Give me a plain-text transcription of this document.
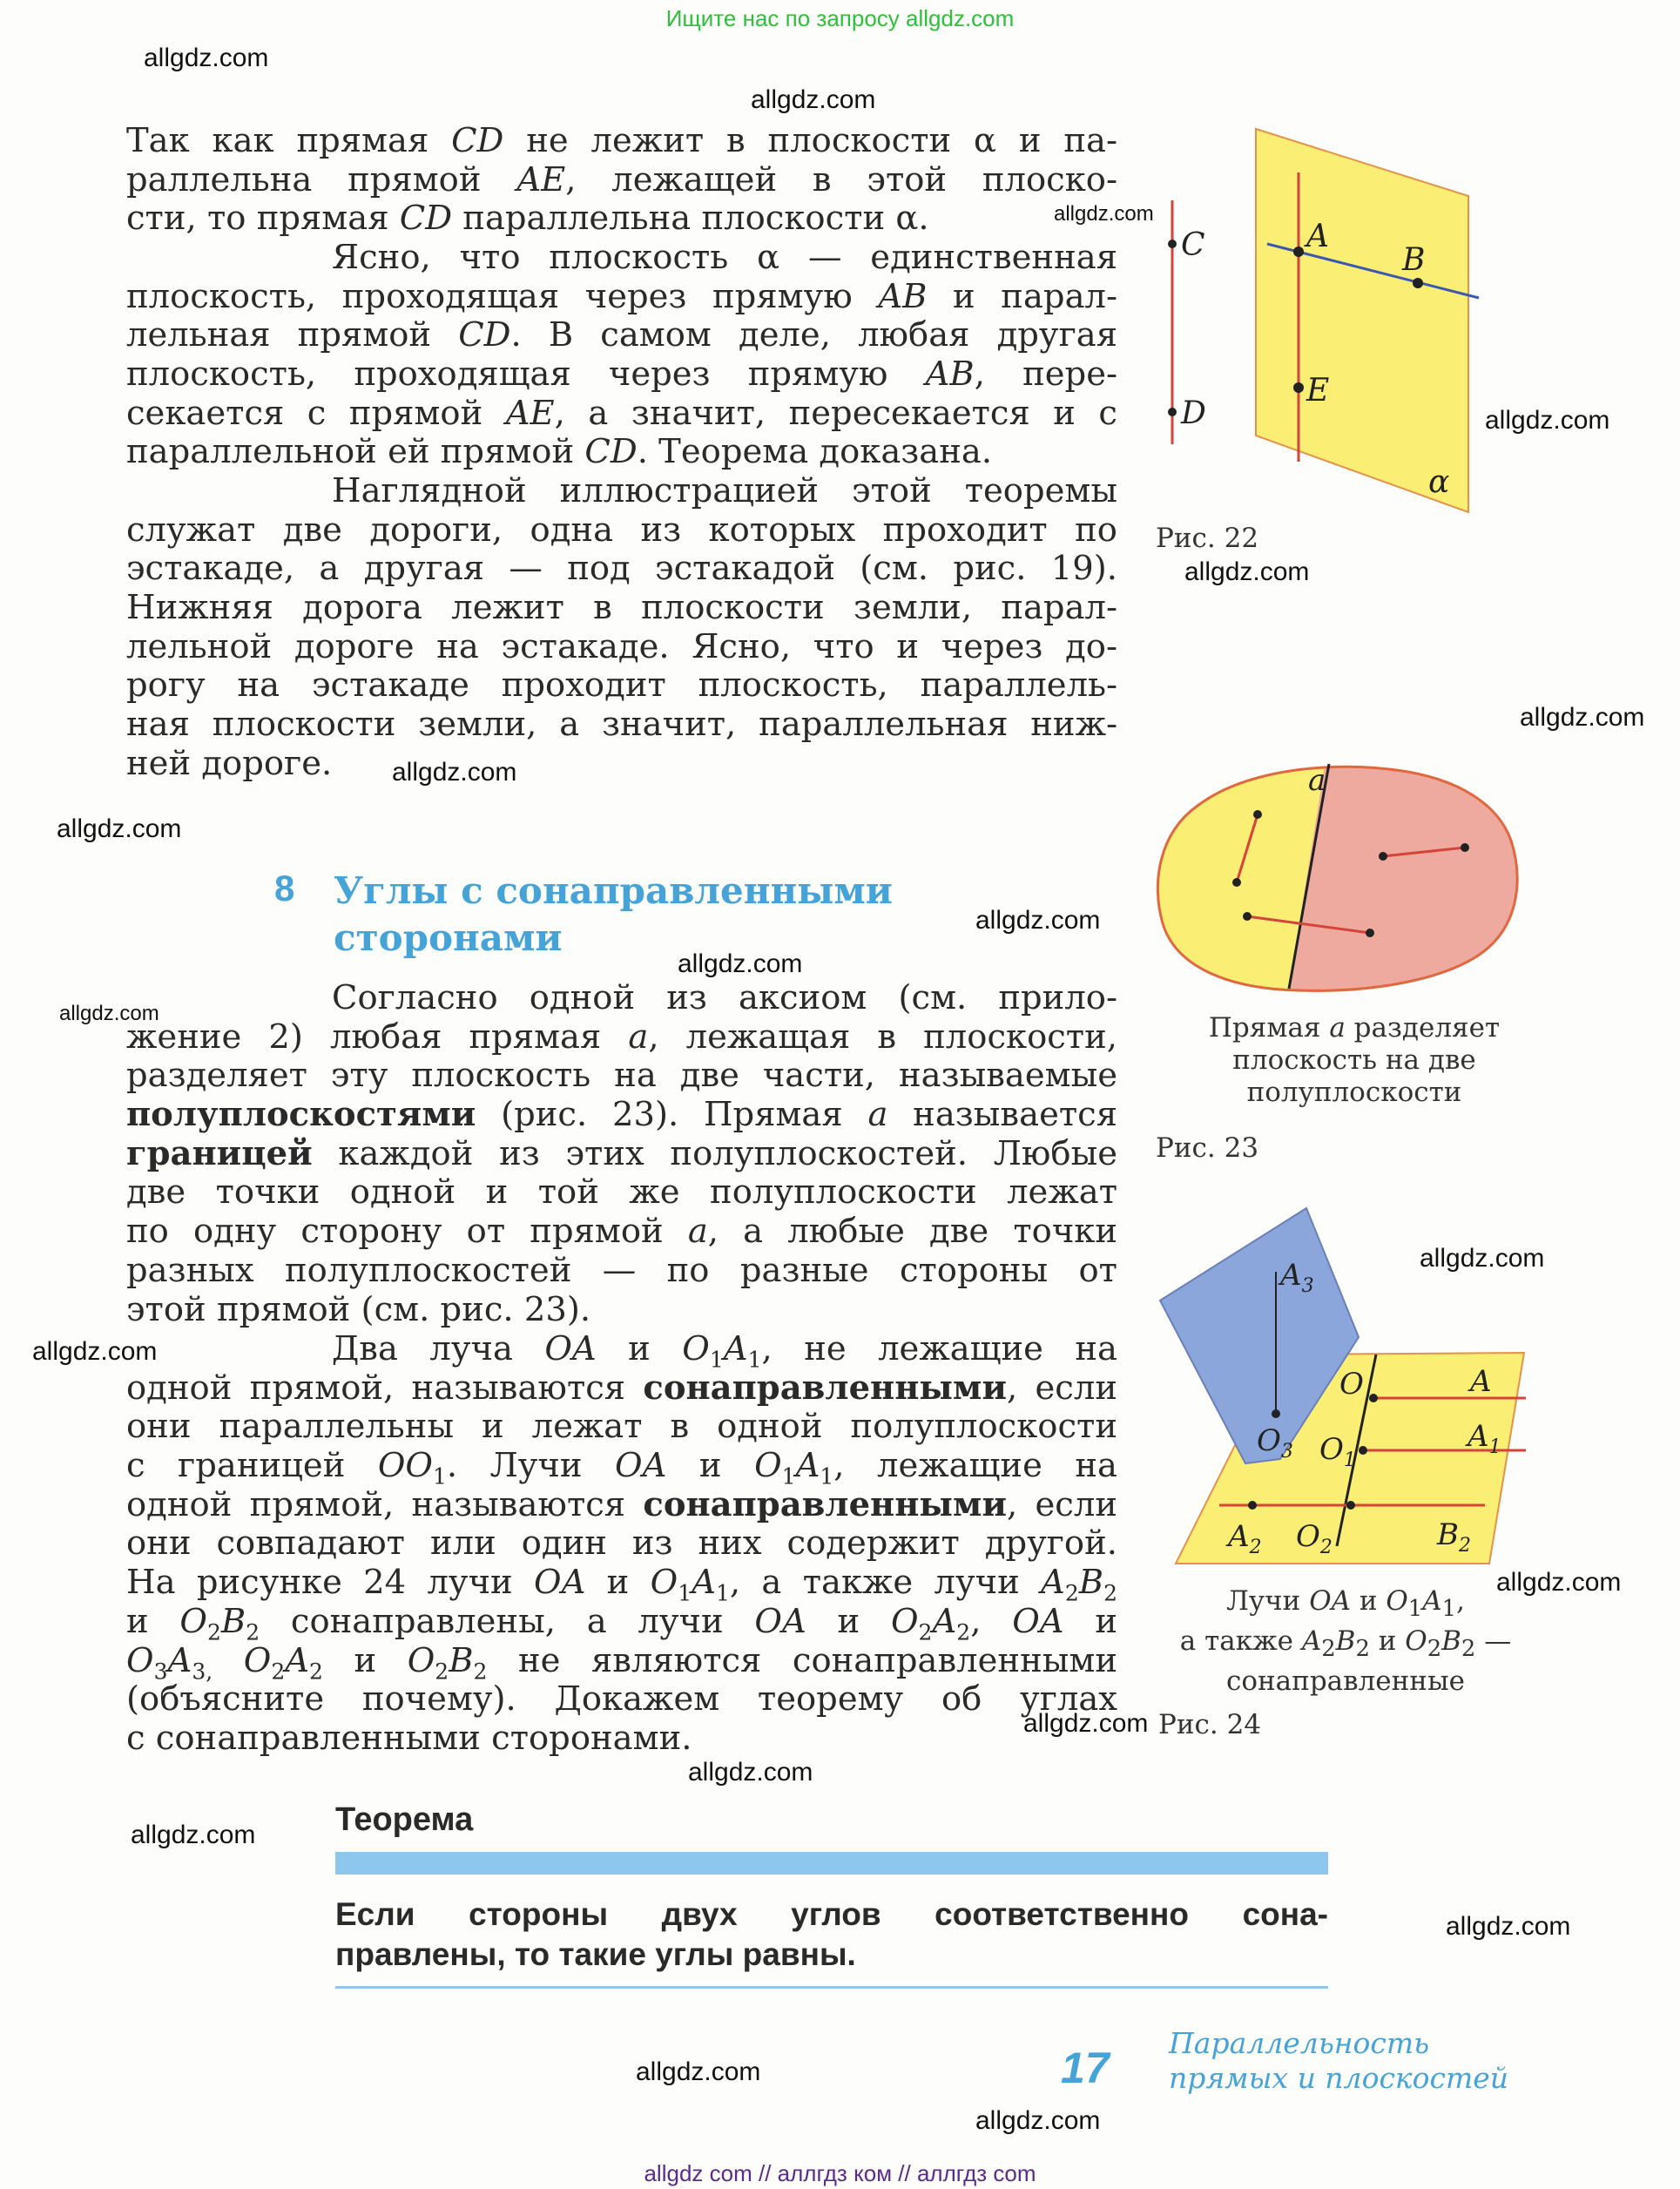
Ищите нас по запросу allgdz.com
allgdz.com
allgdz.com
allgdz.com
allgdz.com
allgdz.com
allgdz.com
allgdz.com
allgdz.com
allgdz.com
allgdz.com
allgdz.com
allgdz.com
allgdz.com
allgdz.com
allgdz.com
allgdz.com
allgdz.com
allgdz.com
allgdz.com
allgdz.com
Так как прямая CD не лежит в плоскости α и па-
раллельна прямой AE, лежащей в этой плоско-
сти, то прямая CD параллельна плоскости α.
Ясно, что плоскость α — единственная
плоскость, проходящая через прямую AB и парал-
лельная прямой CD. В самом деле, любая другая
плоскость, проходящая через прямую AB, пере-
секается с прямой AE, а значит, пересекается и с
параллельной ей прямой CD. Теорема доказана.
Наглядной иллюстрацией этой теоремы
служат две дороги, одна из которых проходит по
эстакаде, а другая — под эстакадой (см. рис. 19).
Нижняя дорога лежит в плоскости земли, парал-
лельной дороге на эстакаде. Ясно, что и через до-
рогу на эстакаде проходит плоскость, параллель-
ная плоскости земли, а значит, параллельная ниж-
ней дороге.
8 Углы с сонаправленными
сторонами
Согласно одной из аксиом (см. прило-
жение 2) любая прямая a, лежащая в плоскости,
разделяет эту плоскость на две части, называемые
полуплоскостями (рис. 23). Прямая a называется
границей каждой из этих полуплоскостей. Любые
две точки одной и той же полуплоскости лежат
по одну сторону от прямой a, а любые две точки
разных полуплоскостей — по разные стороны от
этой прямой (см. рис. 23).
Два луча OA и $O_1A_1$, не лежащие на
одной прямой, называются сонаправленными, если
они параллельны и лежат в одной полуплоскости
с границей $OO_1$. Лучи OA и $O_1A_1$, лежащие на
одной прямой, называются сонаправленными, если
они совпадают или один из них содержит другой.
На рисунке 24 лучи OA и $O_1A_1$, а также лучи $A_2B_2$
и $O_2B_2$ сонаправлены, а лучи OA и $O_2A_2$, OA и
$O_3A_{3,}$ $O_2A_2$ и $O_2B_2$ не являются сонаправленными
(объясните почему). Докажем теорему об углах
с сонаправленными сторонами.
Теорема
Если стороны двух углов соответственно сона-
правлены, то такие углы равны.
C
D
A
B
E
α
Рис. 22
a
Прямая a разделяет
плоскость на две
полуплоскости
Рис. 23
$A_3$
O	A
$O_3$ $O_1$
$A_1$
$A_2$ $O_2$	$B_2$
Лучи OA и $O_1A_1$,
а также $A_2B_2$ и $O_2B_2$ —
сонаправленные
Рис. 24
17
Параллельность
прямых и плоскостей
allgdz com // аллгдз ком // аллгдз com
